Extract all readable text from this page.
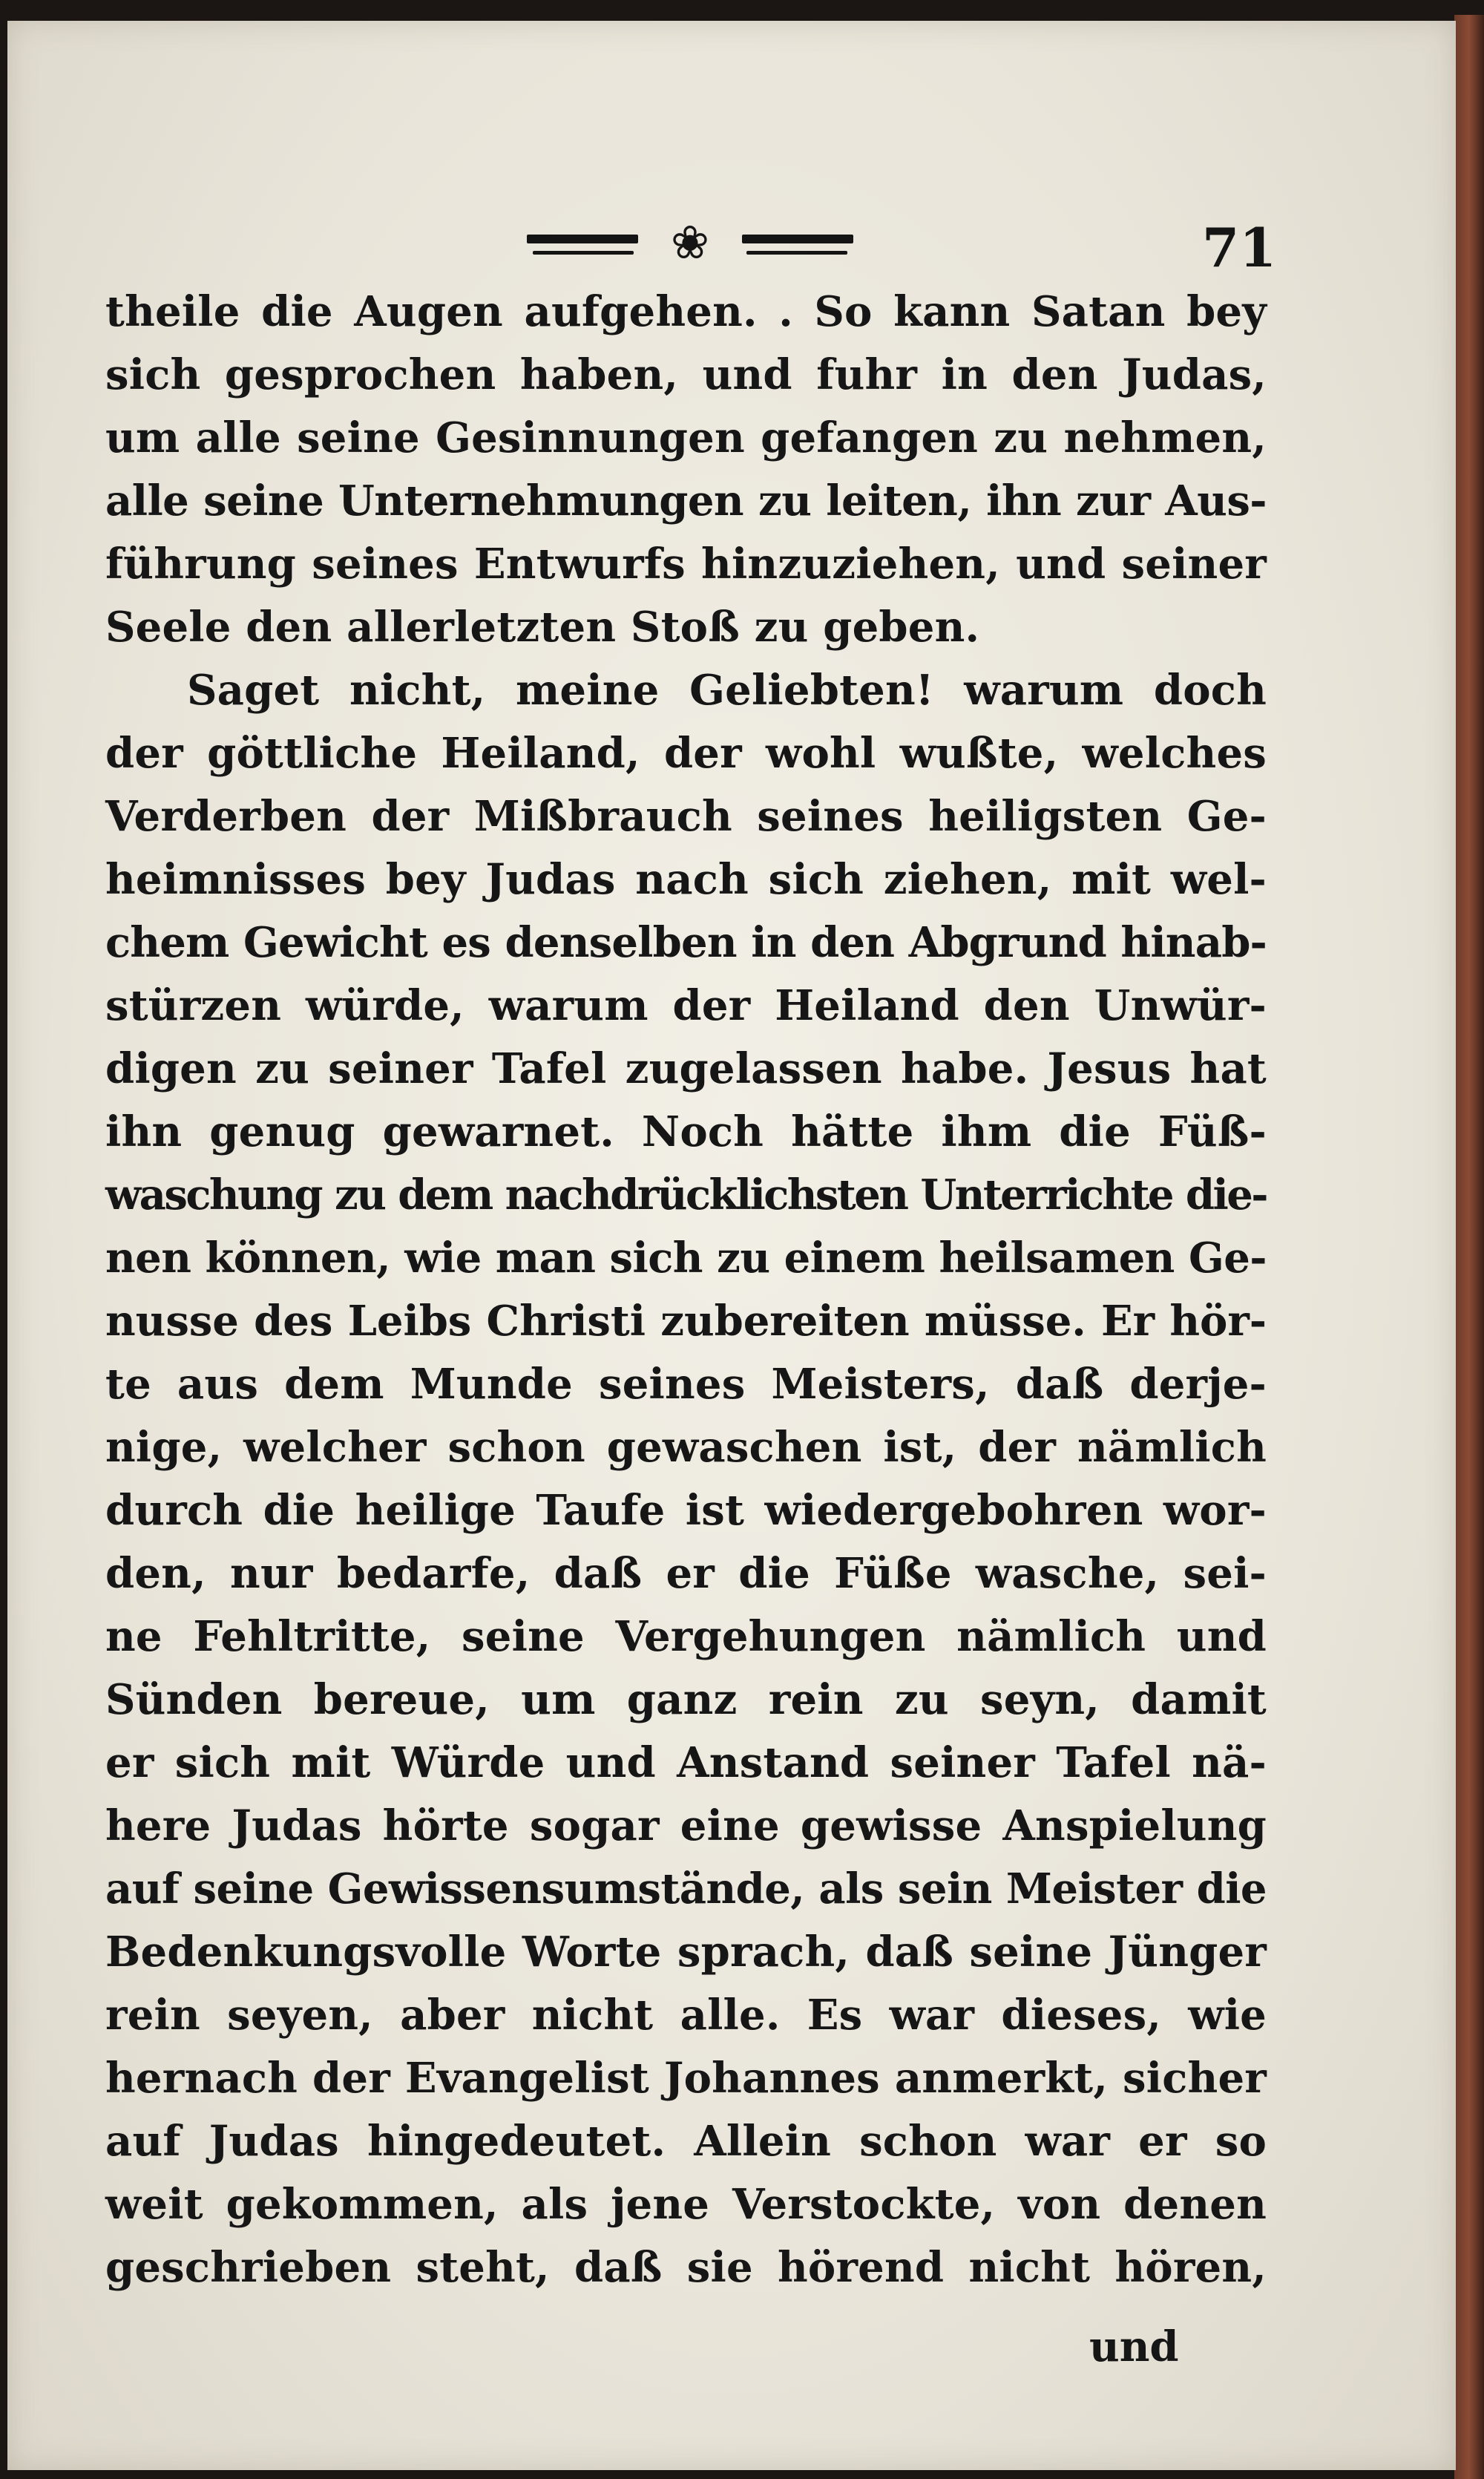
❀	71
theile die Augen aufgehen. . So kann Satan bey
sich gesprochen haben, und fuhr in den Judas,
um alle seine Gesinnungen gefangen zu nehmen,
alle seine Unternehmungen zu leiten, ihn zur Aus-
führung seines Entwurfs hinzuziehen, und seiner
Seele den allerletzten Stoß zu geben.
Saget nicht, meine Geliebten! warum doch
der göttliche Heiland, der wohl wußte, welches
Verderben der Mißbrauch seines heiligsten Ge-
heimnisses bey Judas nach sich ziehen, mit wel-
chem Gewicht es denselben in den Abgrund hinab-
stürzen würde, warum der Heiland den Unwür-
digen zu seiner Tafel zugelassen habe. Jesus hat
ihn genug gewarnet. Noch hätte ihm die Füß-
waschung zu dem nachdrücklichsten Unterrichte die-
nen können, wie man sich zu einem heilsamen Ge-
nusse des Leibs Christi zubereiten müsse. Er hör-
te aus dem Munde seines Meisters, daß derje-
nige, welcher schon gewaschen ist, der nämlich
durch die heilige Taufe ist wiedergebohren wor-
den, nur bedarfe, daß er die Füße wasche, sei-
ne Fehltritte, seine Vergehungen nämlich und
Sünden bereue, um ganz rein zu seyn, damit
er sich mit Würde und Anstand seiner Tafel nä-
here Judas hörte sogar eine gewisse Anspielung
auf seine Gewissensumstände, als sein Meister die
Bedenkungsvolle Worte sprach, daß seine Jünger
rein seyen, aber nicht alle. Es war dieses, wie
hernach der Evangelist Johannes anmerkt, sicher
auf Judas hingedeutet. Allein schon war er so
weit gekommen, als jene Verstockte, von denen
geschrieben steht, daß sie hörend nicht hören,
und
